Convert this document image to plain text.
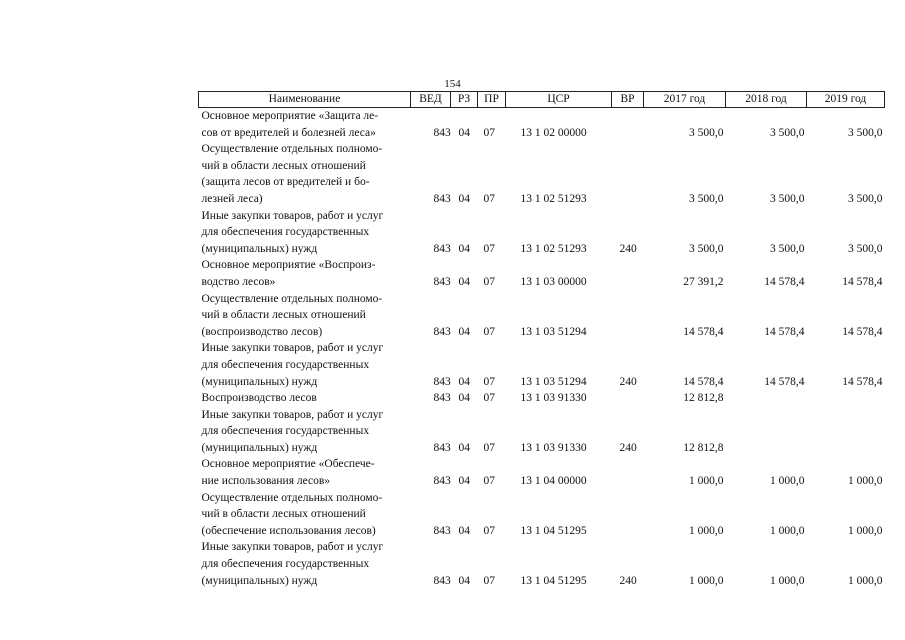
154
Наименование	ВЕД	РЗ	ПР	ЦСР	ВР	2017 год	2018 год	2019 год
Основное мероприятие «Защита ле-
сов от вредителей и болезней леса»	843	04	07	13 1 02 00000		3 500,0	3 500,0	3 500,0
Осуществление отдельных полномо-
чий в области лесных отношений
(защита лесов от вредителей и бо-
лезней леса)	843	04	07	13 1 02 51293		3 500,0	3 500,0	3 500,0
Иные закупки товаров, работ и услуг
для обеспечения государственных
(муниципальных) нужд	843	04	07	13 1 02 51293	240	3 500,0	3 500,0	3 500,0
Основное мероприятие «Воспроиз-
водство лесов»	843	04	07	13 1 03 00000		27 391,2	14 578,4	14 578,4
Осуществление отдельных полномо-
чий в области лесных отношений
(воспроизводство лесов)	843	04	07	13 1 03 51294		14 578,4	14 578,4	14 578,4
Иные закупки товаров, работ и услуг
для обеспечения государственных
(муниципальных) нужд	843	04	07	13 1 03 51294	240	14 578,4	14 578,4	14 578,4
Воспроизводство лесов	843	04	07	13 1 03 91330		12 812,8		
Иные закупки товаров, работ и услуг
для обеспечения государственных
(муниципальных) нужд	843	04	07	13 1 03 91330	240	12 812,8		
Основное мероприятие «Обеспече-
ние использования лесов»	843	04	07	13 1 04 00000		1 000,0	1 000,0	1 000,0
Осуществление отдельных полномо-
чий в области лесных отношений
(обеспечение использования лесов)	843	04	07	13 1 04 51295		1 000,0	1 000,0	1 000,0
Иные закупки товаров, работ и услуг
для обеспечения государственных
(муниципальных) нужд	843	04	07	13 1 04 51295	240	1 000,0	1 000,0	1 000,0
